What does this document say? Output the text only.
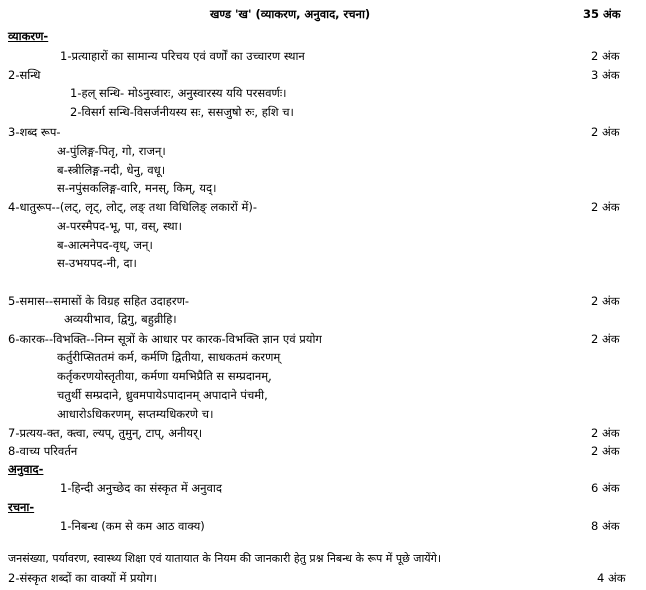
खण्ड 'ख' (व्याकरण, अनुवाद, रचना)	35 अंक
व्याकरण-
1-प्रत्याहारों का सामान्य परिचय एवं वर्णों का उच्चारण स्थान	2 अंक
2-सन्धि	3 अंक
1-हल् सन्धि- मोऽनुस्वारः, अनुस्वारस्य ययि परसवर्णः।
2-विसर्ग सन्धि-विसर्जनीयस्य सः, ससजुषो रुः, हशि च।
3-शब्द रूप-	2 अंक
अ-पुंलिङ्ग-पितृ, गो, राजन्।
ब-स्त्रीलिङ्ग-नदी, धेनु, वधू।
स-नपुंसकलिङ्ग-वारि, मनस्, किम्, यद्।
4-धातुरूप--(लट्, लृट्, लोट्, लङ् तथा विधिलिङ् लकारों में)-	2 अंक
अ-परस्मैपद-भू, पा, वस्, स्था।
ब-आत्मनेपद-वृध्, जन्।
स-उभयपद-नी, दा।
5-समास--समासों के विग्रह सहित उदाहरण-	2 अंक
अव्ययीभाव, द्विगु, बहुव्रीहि।
6-कारक--विभक्ति--निम्न सूत्रों के आधार पर कारक-विभक्ति ज्ञान एवं प्रयोग	2 अंक
कर्तुरीप्सिततमं कर्म, कर्मणि द्वितीया, साधकतमं करणम्
कर्तृकरणयोस्तृतीया, कर्मणा यमभिप्रैति स सम्प्रदानम्,
चतुर्थी सम्प्रदाने, ध्रुवमपायेऽपादानम् अपादाने पंचमी,
आधारोऽधिकरणम्, सप्तम्यधिकरणे च।
7-प्रत्यय-क्त, क्त्वा, ल्यप्, तुमुन्, टाप्, अनीयर्।	2 अंक
8-वाच्य परिवर्तन	2 अंक
अनुवाद-
1-हिन्दी अनुच्छेद का संस्कृत में अनुवाद	6 अंक
रचना-
1-निबन्ध (कम से कम आठ वाक्य)	8 अंक
जनसंख्या, पर्यावरण, स्वास्थ्य शिक्षा एवं यातायात के नियम की जानकारी हेतु प्रश्न निबन्ध के रूप में पूछे जायेंगे।
2-संस्कृत शब्दों का वाक्यों में प्रयोग।	4 अंक
